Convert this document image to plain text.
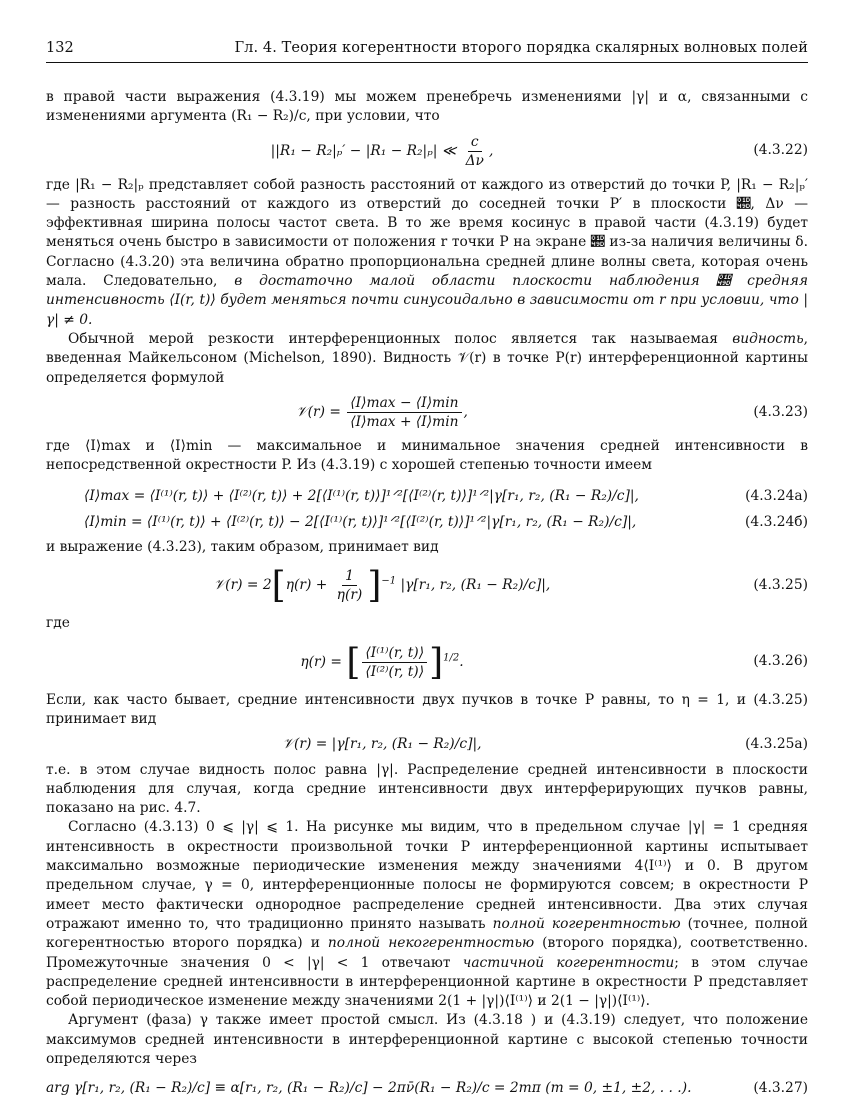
132	Гл. 4. Теория когерентности второго порядка скалярных волновых полей

в правой части выражения (4.3.19) мы можем пренебречь изменениями |γ| и α, связанными с изменениями аргумента (R₁ − R₂)/c, при условии, что

||R₁ − R₂|ₚ′ − |R₁ − R₂|ₚ| ≪ $\frac{c}{\Delta\nu}$ ,	(4.3.22)

где |R₁ − R₂|ₚ представляет собой разность расстояний от каждого из отверстий до точки P, |R₁ − R₂|ₚ′ — разность расстояний от каждого из отверстий до соседней точки P′ в плоскости 𝒝, Δν — эффективная ширина полосы частот света. В то же время косинус в правой части (4.3.19) будет меняться очень быстро в зависимости от положения r точки P на экране 𝒝 из-за наличия величины δ. Согласно (4.3.20) эта величина обратно пропорциональна средней длине волны света, которая очень мала. Следовательно, в достаточно малой области плоскости наблюдения 𝒝 средняя интенсивность ⟨I(r, t)⟩ будет меняться почти синусоидально в зависимости от r при условии, что |γ| ≠ 0.

Обычной мерой резкости интерференционных полос является так называемая видность, введенная Майкельсоном (Michelson, 1890). Видность 𝒱(r) в точке P(r) интерференционной картины определяется формулой

𝒱(r) = $\frac{⟨I⟩\max - ⟨I⟩\min}{⟨I⟩\max + ⟨I⟩\min}$ ,	(4.3.23)

где ⟨I⟩max и ⟨I⟩min — максимальное и минимальное значения средней интенсивности в непосредственной окрестности P. Из (4.3.19) с хорошей степенью точности имеем

⟨I⟩max = ⟨I⁽¹⁾(r, t)⟩ + ⟨I⁽²⁾(r, t)⟩ + 2[⟨I⁽¹⁾(r, t)⟩]¹ᐟ²[⟨I⁽²⁾(r, t)⟩]¹ᐟ²|γ[r₁, r₂, (R₁ − R₂)/c]|,	(4.3.24а)
⟨I⟩min = ⟨I⁽¹⁾(r, t)⟩ + ⟨I⁽²⁾(r, t)⟩ − 2[⟨I⁽¹⁾(r, t)⟩]¹ᐟ²[⟨I⁽²⁾(r, t)⟩]¹ᐟ²|γ[r₁, r₂, (R₁ − R₂)/c]|,	(4.3.24б)

и выражение (4.3.23), таким образом, принимает вид

𝒱(r) = $2[\eta(r) + \frac{1}{\eta(r)} ]^{-1}$ |γ[r₁, r₂, (R₁ − R₂)/c]|,	(4.3.25)

где

η(r) = [ $\frac{\text{⟨I⁽¹⁾(r, t)⟩}}{\text{⟨I⁽²⁾(r, t)⟩}} ]^{1/2}$.	(4.3.26)

Если, как часто бывает, средние интенсивности двух пучков в точке P равны, то η = 1, и (4.3.25) принимает вид

𝒱(r) = |γ[r₁, r₂, (R₁ − R₂)/c]|,	(4.3.25а)

т.е. в этом случае видность полос равна |γ|. Распределение средней интенсивности в плоскости наблюдения для случая, когда средние интенсивности двух интерферирующих пучков равны, показано на рис. 4.7.

Согласно (4.3.13) 0 ⩽ |γ| ⩽ 1. На рисунке мы видим, что в предельном случае |γ| = 1 средняя интенсивность в окрестности произвольной точки P интерференционной картины испытывает максимально возможные периодические изменения между значениями 4⟨I⁽¹⁾⟩ и 0. В другом предельном случае, γ = 0, интерференционные полосы не формируются совсем; в окрестности P имеет место фактически однородное распределение средней интенсивности. Два этих случая отражают именно то, что традиционно принято называть полной когерентностью (точнее, полной когерентностью второго порядка) и полной некогерентностью (второго порядка), соответственно. Промежуточные значения 0 < |γ| < 1 отвечают частичной когерентности; в этом случае распределение средней интенсивности в интерференционной картине в окрестности P представляет собой периодическое изменение между значениями 2(1 + |γ|)⟨I⁽¹⁾⟩ и 2(1 − |γ|)⟨I⁽¹⁾⟩.

Аргумент (фаза) γ также имеет простой смысл. Из (4.3.18 ) и (4.3.19) следует, что положение максимумов средней интенсивности в интерференционной картине с высокой степенью точности определяются через

arg γ[r₁, r₂, (R₁ − R₂)/c] ≡ α[r₁, r₂, (R₁ − R₂)/c] − 2πν̄(R₁ − R₂)/c = 2mπ (m = 0, ±1, ±2, . . .).	(4.3.27)
